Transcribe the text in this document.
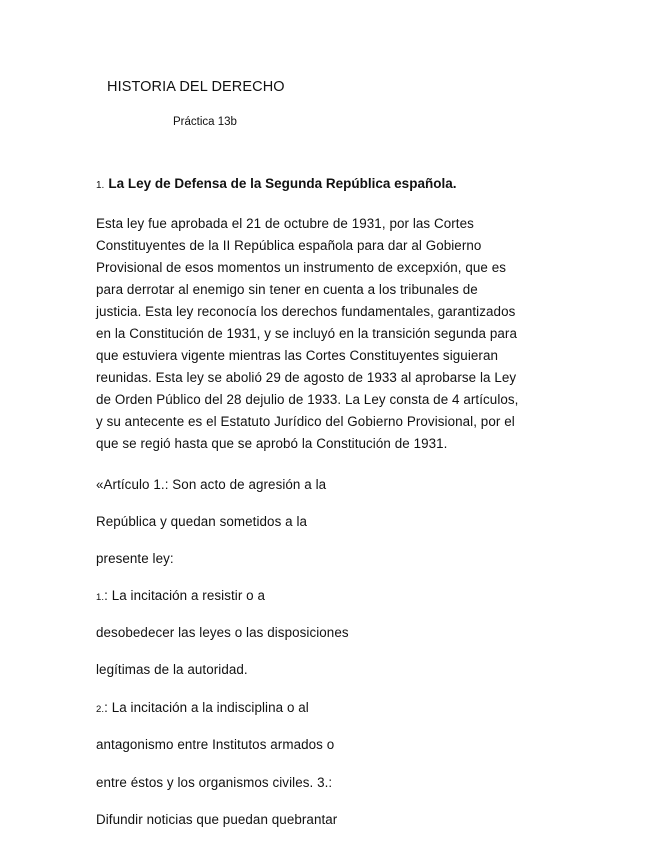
HISTORIA DEL DERECHO
Práctica 13b
1. La Ley de Defensa de la Segunda República española.

Esta ley fue aprobada el 21 de octubre de 1931, por las Cortes
Constituyentes de la II República española para dar al Gobierno
Provisional de esos momentos un instrumento de excepxión, que es
para derrotar al enemigo sin tener en cuenta a los tribunales de
justicia. Esta ley reconocía los derechos fundamentales, garantizados
en la Constitución de 1931, y se incluyó en la transición segunda para
que estuviera vigente mientras las Cortes Constituyentes siguieran
reunidas. Esta ley se abolió 29 de agosto de 1933 al aprobarse la Ley
de Orden Público del 28 dejulio de 1933. La Ley consta de 4 artículos,
y su antecente es el Estatuto Jurídico del Gobierno Provisional, por el
que se regió hasta que se aprobó la Constitución de 1931.

«Artículo 1.: Son acto de agresión a la
República y quedan sometidos a la
presente ley:
1.: La incitación a resistir o a
desobedecer las leyes o las disposiciones
legítimas de la autoridad.
2.: La incitación a la indisciplina o al
antagonismo entre Institutos armados o
entre éstos y los organismos civiles. 3.:
Difundir noticias que puedan quebrantar
